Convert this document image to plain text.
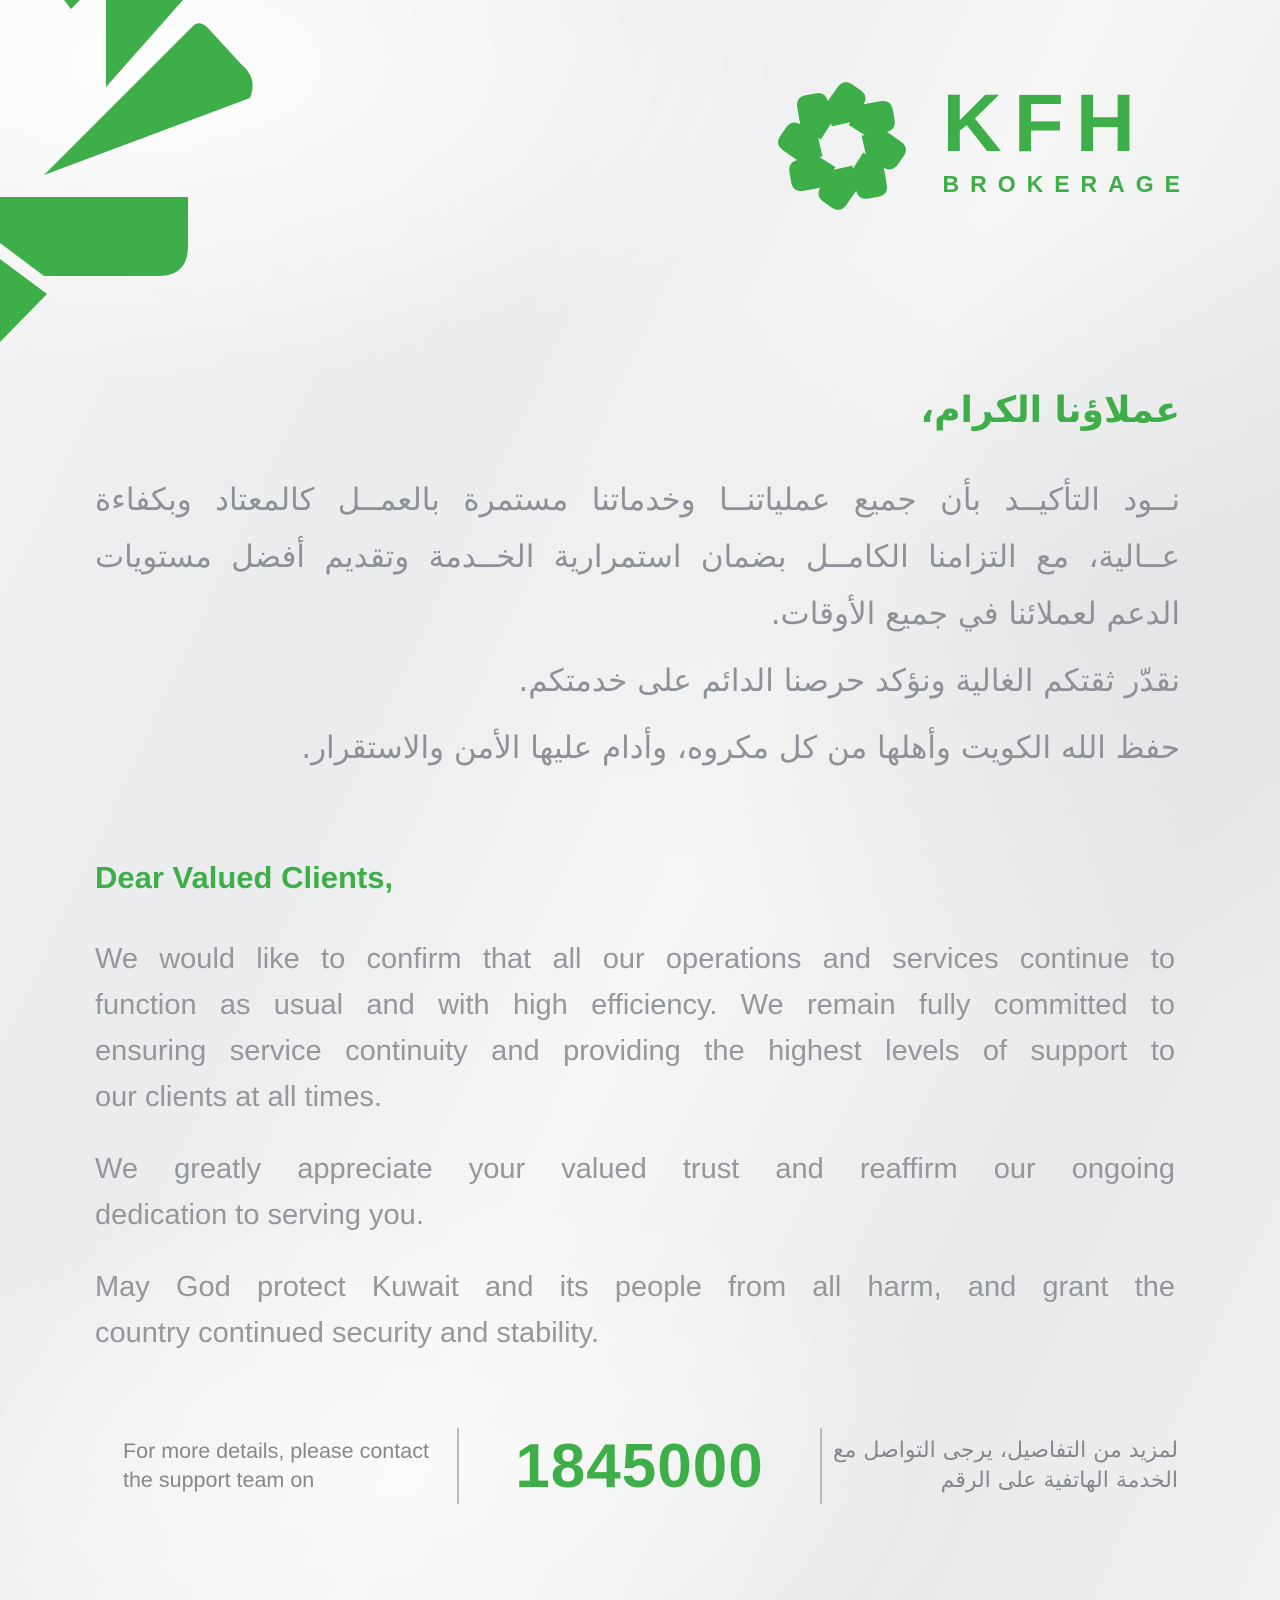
KFH
BROKERAGE
عملاؤنا الكرام،
نــود التأكيــد بأن جميع عملياتنــا وخدماتنا مستمرة بالعمــل كالمعتاد وبكفاءة
عــالية، مع التزامنا الكامــل بضمان استمرارية الخــدمة وتقديم أفضل مستويات
الدعم لعملائنا في جميع الأوقات.
نقدّر ثقتكم الغالية ونؤكد حرصنا الدائم على خدمتكم.
حفظ الله الكويت وأهلها من كل مكروه، وأدام عليها الأمن والاستقرار.
Dear Valued Clients,
We would like to confirm that all our operations and services continue to
function as usual and with high efficiency. We remain fully committed to
ensuring service continuity and providing the highest levels of support to
our clients at all times.
We greatly appreciate your valued trust and reaffirm our ongoing
dedication to serving you.
May God protect Kuwait and its people from all harm, and grant the
country continued security and stability.
For more details, please contact
the support team on	1845000	لمزيد من التفاصيل، يرجى التواصل مع
الخدمة الهاتفية على الرقم
